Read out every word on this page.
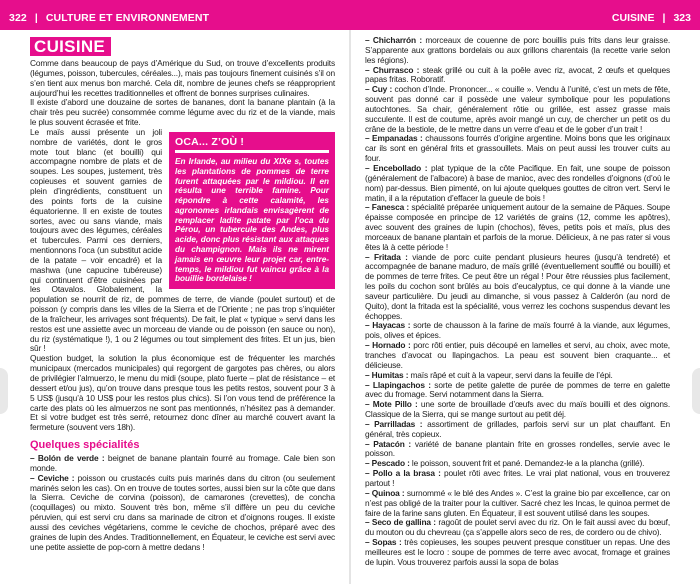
322 | CULTURE ET ENVIRONNEMENT	CUISINE | 323
CUISINE

Comme dans beaucoup de pays d’Amérique du Sud, on trouve d’excellents produits (légumes, poisson, tubercules, céréales...), mais pas toujours finement cuisinés s’il on s’en tient aux menus bon marché. Cela dit, nombre de jeunes chefs se réapproprient aujourd’hui les recettes traditionnelles et offrent de bonnes surprises culinaires.

Il existe d’abord une douzaine de sortes de bananes, dont la banane plantain (à la chair très peu sucrée) consommée comme légume avec du riz et de la viande, mais le plus souvent écrasée et frite.

OCA... Z’OÙ !
En Irlande, au milieu du XIXe s, toutes les plantations de pommes de terre furent attaquées par le mildiou. Il en résulta une terrible famine. Pour répondre à cette calamité, les agronomes irlandais envisagèrent de remplacer ladite patate par l’oca du Pérou, un tubercule des Andes, plus acide, donc plus résistant aux attaques du champignon. Mais ils ne mirent jamais en œuvre leur projet car, entre-temps, le mildiou fut vaincu grâce à la bouillie bordelaise !

Le maïs aussi présente un joli nombre de variétés, dont le gros mote tout blanc (et bouilli) qui accompagne nombre de plats et de soupes. Les soupes, justement, très copieuses et souvent garnies de plein d’ingrédients, constituent un des points forts de la cuisine équatorienne. Il en existe de toutes sortes, avec ou sans viande, mais toujours avec des légumes, céréales et tubercules. Parmi ces derniers, mentionnons l’oca (un substitut acide de la patate – voir encadré) et la mashwa (une capucine tubéreuse) qui continuent d’être cuisinées par les Otavalos. Globalement, la population se nourrit de riz, de pommes de terre, de viande (poulet surtout) et de poisson (y compris dans les villes de la Sierra et de l’Oriente ; ne pas trop s’inquiéter de la fraîcheur, les arrivages sont fréquents). De fait, le plat « typique » servi dans les restos est une assiette avec un morceau de viande ou de poisson (en sauce ou non), du riz (systématique !), 1 ou 2 légumes ou tout simplement des frites. Et un jus, bien sûr !

Question budget, la solution la plus économique est de fréquenter les marchés municipaux (mercados municipales) qui regorgent de gargotes pas chères, ou alors de privilégier l’almuerzo, le menu du midi (soupe, plato fuerte – plat de résistance – et dessert et/ou jus), qu’on trouve dans presque tous les petits restos, souvent pour 3 à 5 US$ (jusqu’à 10 US$ pour les restos plus chics). Si l’on vous tend de préférence la carte des plats où les almuerzos ne sont pas mentionnés, n’hésitez pas à demander. Et si votre budget est très serré, retournez donc dîner au marché couvert avant la fermeture (souvent vers 18h).

Quelques spécialités

– Bolón de verde : beignet de banane plantain fourré au fromage. Cale bien son monde.

– Ceviche : poisson ou crustacés cuits puis marinés dans du citron (ou seulement marinés selon les cas). On en trouve de toutes sortes, aussi bien sur la côte que dans la Sierra. Ceviche de corvina (poisson), de camarones (crevettes), de concha (coquillages) ou mixto. Souvent très bon, même s’il diffère un peu du ceviche péruvien, qui est servi cru dans sa marinade de citron et d’oignons rouges. Il existe aussi des ceviches végétariens, comme le ceviche de chochos, préparé avec des graines de lupin des Andes. Traditionnellement, en Équateur, le ceviche est servi avec une petite assiette de pop-corn à mettre dedans !

– Chicharrón : morceaux de couenne de porc bouillis puis frits dans leur graisse. S’apparente aux grattons bordelais ou aux grillons charentais (la recette varie selon les régions).

– Churrasco : steak grillé ou cuit à la poêle avec riz, avocat, 2 œufs et quelques papas fritas. Roboratif.

– Cuy : cochon d’Inde. Prononcer... « couille ». Vendu à l’unité, c’est un mets de fête, souvent pas donné car il possède une valeur symbolique pour les populations autochtones. Sa chair, généralement rôtie ou grillée, est assez grasse mais succulente. Il est de coutume, après avoir mangé un cuy, de chercher un petit os du crâne de la bestiole, de le mettre dans un verre d’eau et de le gober d’un trait !

– Empanadas : chaussons fourrés d’origine argentine. Moins bons que les originaux car ils sont en général frits et grassouillets. Mais on peut aussi les trouver cuits au four.

– Encebollado : plat typique de la côte Pacifique. En fait, une soupe de poisson (généralement de l’albacore) à base de manioc, avec des rondelles d’oignons (d’où le nom) par-dessus. Bien pimenté, on lui ajoute quelques gouttes de citron vert. Servi le matin, il a la réputation d’effacer la gueule de bois !

– Fanesca : spécialité préparée uniquement autour de la semaine de Pâques. Soupe épaisse composée en principe de 12 variétés de grains (12, comme les apôtres), avec souvent des graines de lupin (chochos), fèves, petits pois et maïs, plus des morceaux de banane plantain et parfois de la morue. Délicieux, à ne pas rater si vous êtes là à cette période !

– Fritada : viande de porc cuite pendant plusieurs heures (jusqu’à tendreté) et accompagnée de banane maduro, de maïs grillé (éventuellement soufflé ou bouilli) et de pommes de terre frites. Ce peut être un régal ! Pour être réussies plus facilement, les poils du cochon sont brûlés au bois d’eucalyptus, ce qui donne à la viande une saveur particulière. Du jeudi au dimanche, si vous passez à Calderón (au nord de Quito), dont la fritada est la spécialité, vous verrez les cochons suspendus devant les échoppes.

– Hayacas : sorte de chausson à la farine de maïs fourré à la viande, aux légumes, pois, olives et épices.

– Hornado : porc rôti entier, puis découpé en lamelles et servi, au choix, avec mote, tranches d’avocat ou llapingachos. La peau est souvent bien craquante... et délicieuse.

– Humitas : maïs râpé et cuit à la vapeur, servi dans la feuille de l’épi.

– Llapingachos : sorte de petite galette de purée de pommes de terre en galette avec du fromage. Servi notamment dans la Sierra.

– Mote Pillo : une sorte de brouillade d’œufs avec du maïs bouilli et des oignons. Classique de la Sierra, qui se mange surtout au petit déj.

– Parrilladas : assortiment de grillades, parfois servi sur un plat chauffant. En général, très copieux.

– Patacón : variété de banane plantain frite en grosses rondelles, servie avec le poisson.

– Pescado : le poisson, souvent frit et pané. Demandez-le a la plancha (grillé).

– Pollo a la brasa : poulet rôti avec frites. Le vrai plat national, vous en trouverez partout !

– Quinoa : surnommé « le blé des Andes ». C’est la graine bio par excellence, car on n’est pas obligé de la traiter pour la cultiver. Sacré chez les Incas, le quinoa permet de faire de la farine sans gluten. En Équateur, il est souvent utilisé dans les soupes.

– Seco de gallina : ragoût de poulet servi avec du riz. On le fait aussi avec du bœuf, du mouton ou du chevreau (ça s’appelle alors seco de res, de cordero ou de chivo).

– Sopas : très copieuses, les soupes peuvent presque constituer un repas. Une des meilleures est le locro : soupe de pommes de terre avec avocat, fromage et graines de lupin. Vous trouverez parfois aussi la sopa de bolas
